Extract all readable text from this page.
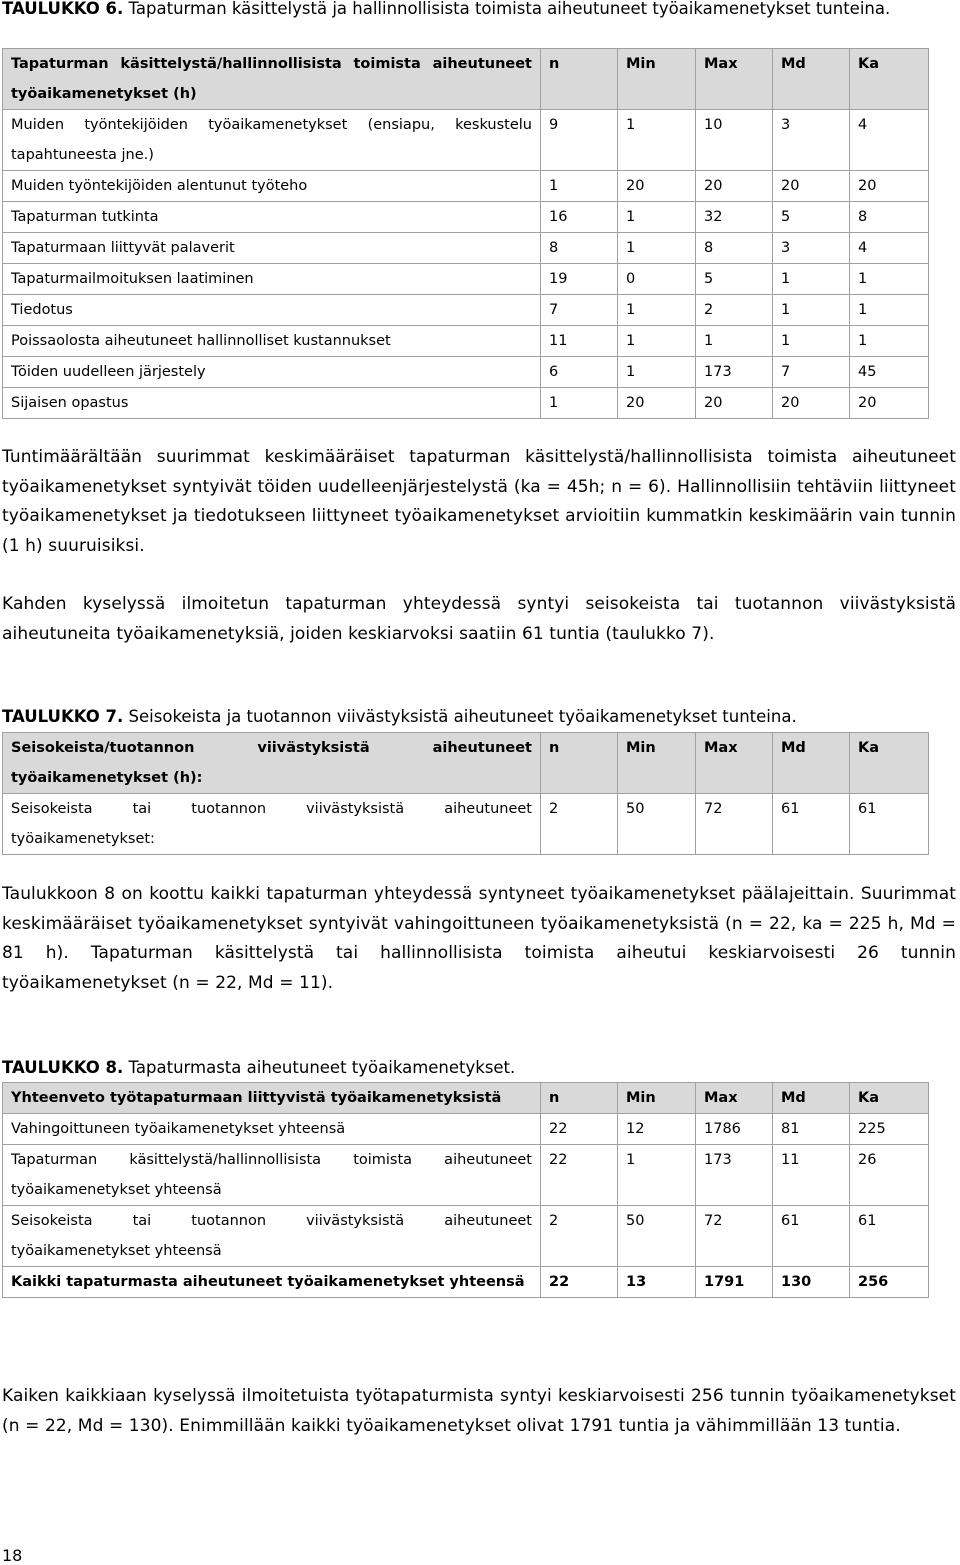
TAULUKKO 6. Tapaturman käsittelystä ja hallinnollisista toimista aiheutuneet työaikamenetykset tunteina.
Tapaturman käsittelystä/hallinnollisista toimista aiheutuneet työaikamenetykset (h)	n	Min	Max	Md	Ka
Muiden työntekijöiden työaikamenetykset (ensiapu, keskustelu tapahtuneesta jne.)	9	1	10	3	4
Muiden työntekijöiden alentunut työteho	1	20	20	20	20
Tapaturman tutkinta	16	1	32	5	8
Tapaturmaan liittyvät palaverit	8	1	8	3	4
Tapaturmailmoituksen laatiminen	19	0	5	1	1
Tiedotus	7	1	2	1	1
Poissaolosta aiheutuneet hallinnolliset kustannukset	11	1	1	1	1
Töiden uudelleen järjestely	6	1	173	7	45
Sijaisen opastus	1	20	20	20	20
Tuntimäärältään suurimmat keskimääräiset tapaturman käsittelystä/hallinnollisista toimista aiheutuneet työaikamenetykset syntyivät töiden uudelleenjärjestelystä (ka = 45h; n = 6). Hallinnollisiin tehtäviin liittyneet työaikamenetykset ja tiedotukseen liittyneet työaikamenetykset arvioitiin kummatkin keskimäärin vain tunnin (1 h) suuruisiksi.
Kahden kyselyssä ilmoitetun tapaturman yhteydessä syntyi seisokeista tai tuotannon viivästyksistä aiheutuneita työaikamenetyksiä, joiden keskiarvoksi saatiin 61 tuntia (taulukko 7).
TAULUKKO 7. Seisokeista ja tuotannon viivästyksistä aiheutuneet työaikamenetykset tunteina.
Seisokeista/tuotannon viivästyksistä aiheutuneet työaikamenetykset (h):	n	Min	Max	Md	Ka
Seisokeista tai tuotannon viivästyksistä aiheutuneet työaikamenetykset:	2	50	72	61	61
Taulukkoon 8 on koottu kaikki tapaturman yhteydessä syntyneet työaikamenetykset päälajeittain. Suurimmat keskimääräiset työaikamenetykset syntyivät vahingoittuneen työaikamenetyksistä (n = 22, ka = 225 h, Md = 81 h). Tapaturman käsittelystä tai hallinnollisista toimista aiheutui keskiarvoisesti 26 tunnin työaikamenetykset (n = 22, Md = 11).
TAULUKKO 8. Tapaturmasta aiheutuneet työaikamenetykset.
Yhteenveto työtapaturmaan liittyvistä työaikamenetyksistä	n	Min	Max	Md	Ka
Vahingoittuneen työaikamenetykset yhteensä	22	12	1786	81	225
Tapaturman käsittelystä/hallinnollisista toimista aiheutuneet työaikamenetykset yhteensä	22	1	173	11	26
Seisokeista tai tuotannon viivästyksistä aiheutuneet työaikamenetykset yhteensä	2	50	72	61	61
Kaikki tapaturmasta aiheutuneet työaikamenetykset yhteensä	22	13	1791	130	256
Kaiken kaikkiaan kyselyssä ilmoitetuista työtapaturmista syntyi keskiarvoisesti 256 tunnin työaikamenetykset (n = 22, Md = 130). Enimmillään kaikki työaikamenetykset olivat 1791 tuntia ja vähimmillään 13 tuntia.
18
